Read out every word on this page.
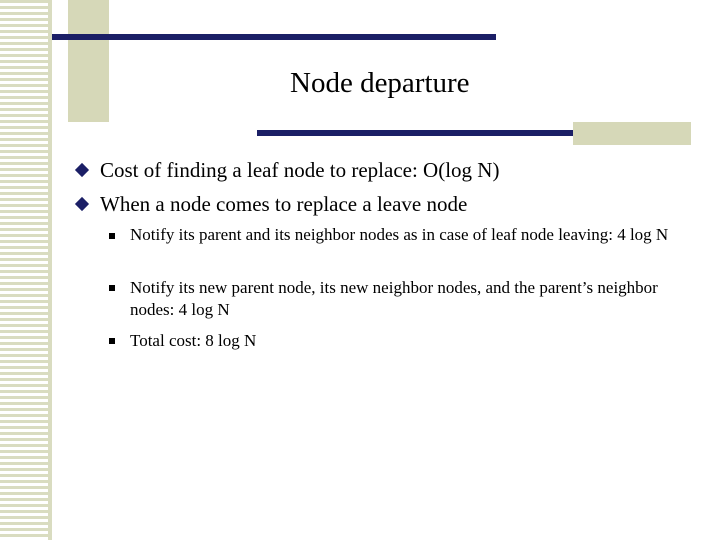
Node departure
Cost of finding a leaf node to replace: O(log N)
When a node comes to replace a leave node
Notify its parent and its neighbor nodes as in case of leaf node leaving: 4 log N
Notify its new parent node, its new neighbor nodes, and the parent’s neighbor nodes: 4 log N
Total cost: 8 log N
